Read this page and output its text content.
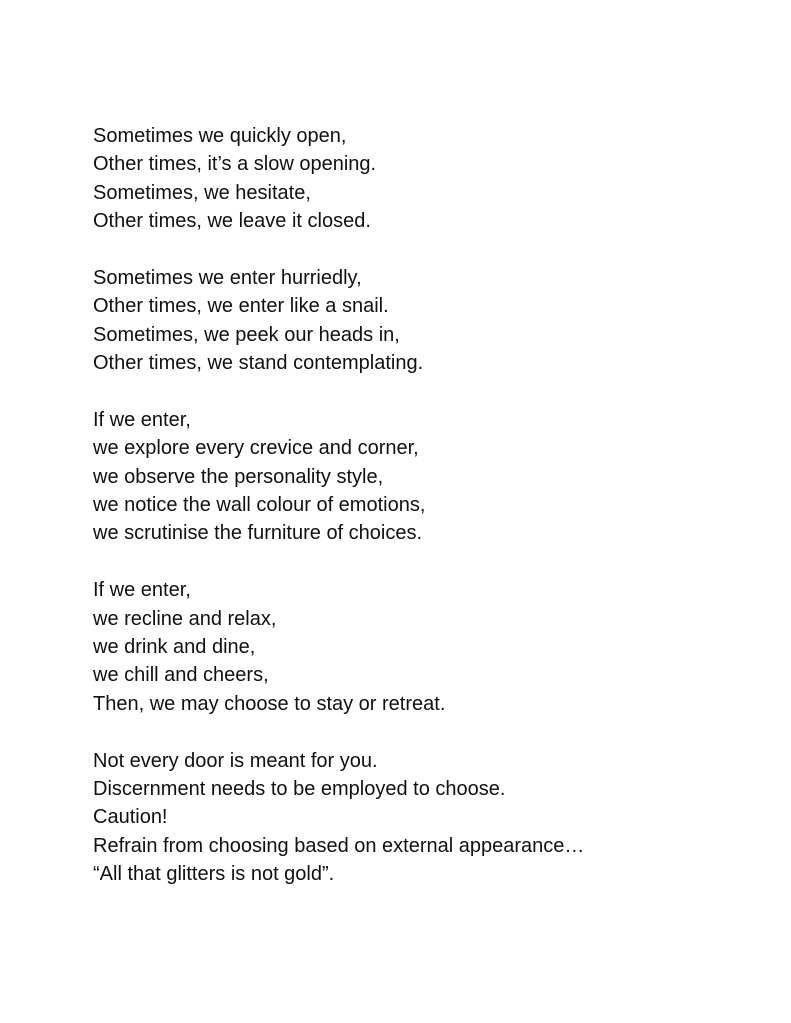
Sometimes we quickly open,
Other times, it’s a slow opening.
Sometimes, we hesitate,
Other times, we leave it closed.
Sometimes we enter hurriedly,
Other times, we enter like a snail.
Sometimes, we peek our heads in,
Other times, we stand contemplating.
If we enter,
we explore every crevice and corner,
we observe the personality style,
we notice the wall colour of emotions,
we scrutinise the furniture of choices.
If we enter,
we recline and relax,
we drink and dine,
we chill and cheers,
Then, we may choose to stay or retreat.
Not every door is meant for you.
Discernment needs to be employed to choose.
Caution!
Refrain from choosing based on external appearance…
“All that glitters is not gold”.
